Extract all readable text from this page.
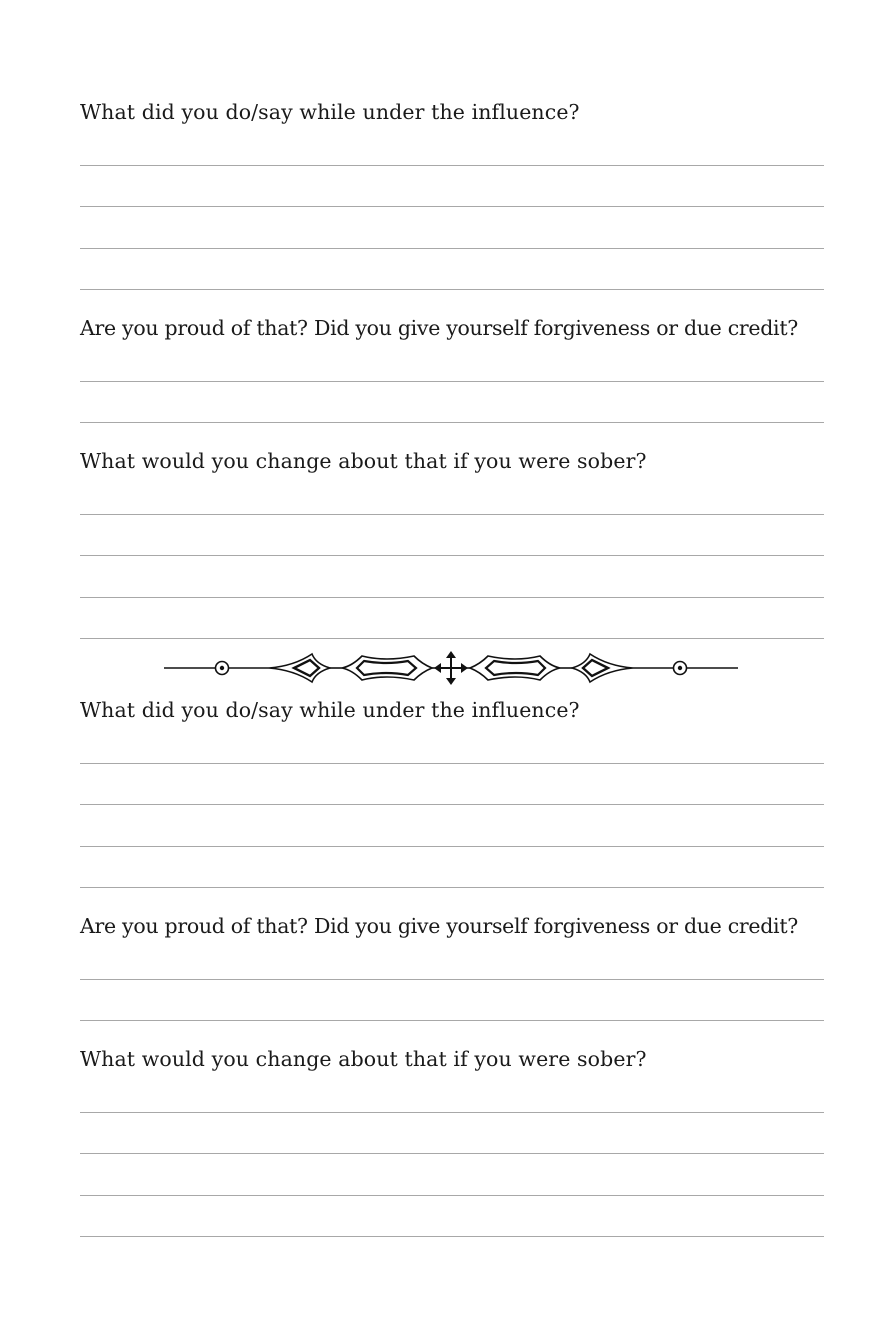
What did you do/say while under the influence?
Are you proud of that? Did you give yourself forgiveness or due credit?
What would you change about that if you were sober?
What did you do/say while under the influence?
Are you proud of that? Did you give yourself forgiveness or due credit?
What would you change about that if you were sober?
